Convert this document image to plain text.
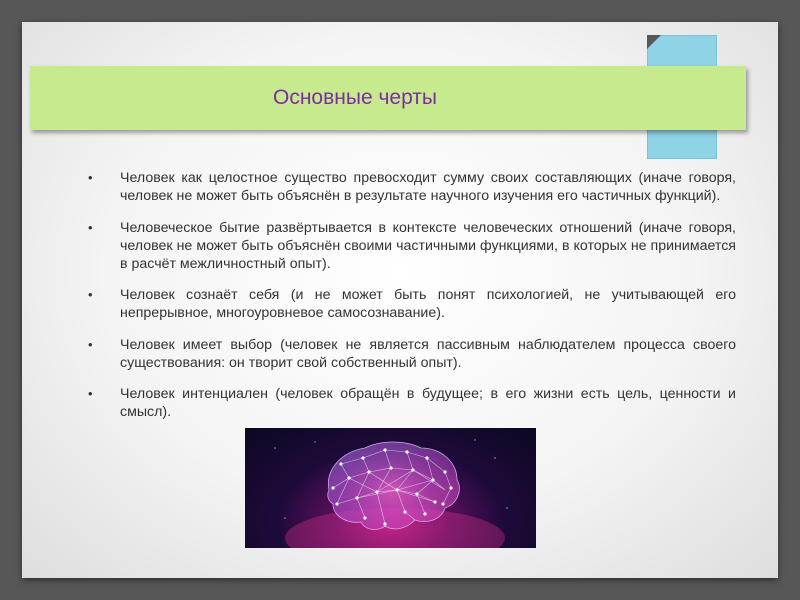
Основные черты
• Человек как целостное существо превосходит сумму своих составляющих (иначе говоря, человек не может быть объяснён в результате научного изучения его частичных функций).
• Человеческое бытие развёртывается в контексте человеческих отношений (иначе говоря, человек не может быть объяснён своими частичными функциями, в которых не принимается в расчёт межличностный опыт).
• Человек сознаёт себя (и не может быть понят психологией, не учитывающей его непрерывное, многоуровневое самосознавание).
• Человек имеет выбор (человек не является пассивным наблюдателем процесса своего существования: он творит свой собственный опыт).
• Человек интенциален (человек обращён в будущее; в его жизни есть цель, ценности и смысл).
